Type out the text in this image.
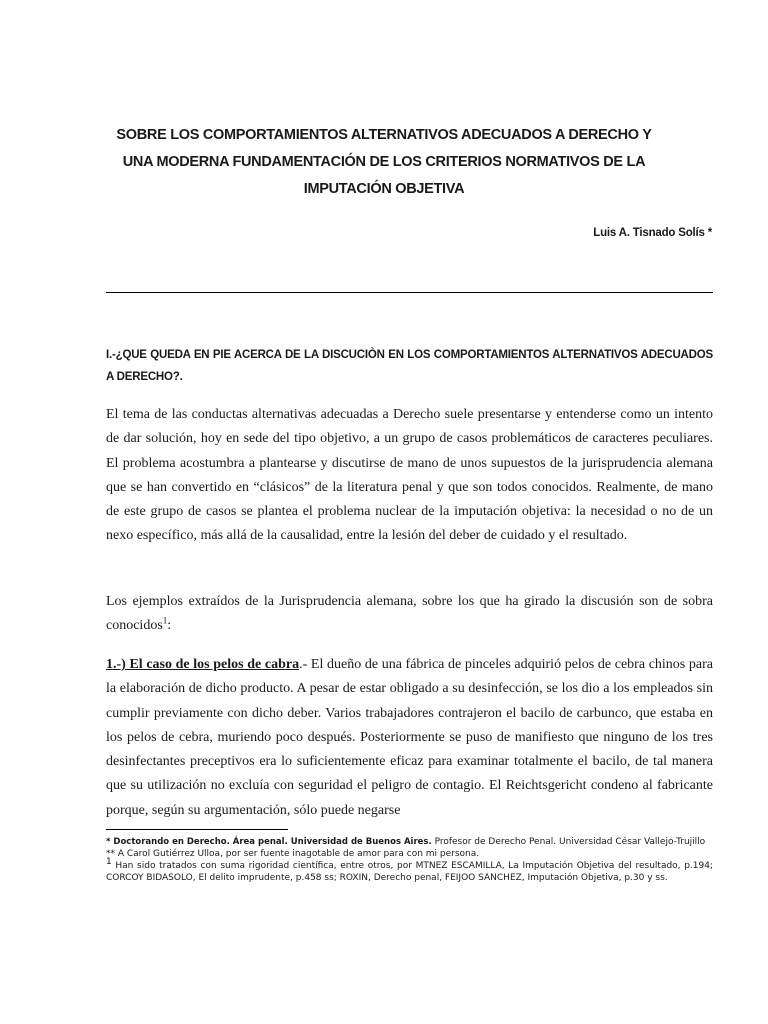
SOBRE LOS COMPORTAMIENTOS ALTERNATIVOS ADECUADOS A DERECHO Y UNA MODERNA FUNDAMENTACIÓN DE LOS CRITERIOS NORMATIVOS DE LA IMPUTACIÓN OBJETIVA
Luis A. Tisnado Solís *
I.-¿QUE QUEDA EN PIE ACERCA DE LA DISCUCIÒN EN LOS COMPORTAMIENTOS ALTERNATIVOS ADECUADOS A DERECHO?.
El tema de las conductas alternativas adecuadas a Derecho suele presentarse y entenderse como un intento de dar solución, hoy en sede del tipo objetivo, a un grupo de casos problemáticos de caracteres peculiares. El problema acostumbra a plantearse y discutirse de mano de unos supuestos de la jurisprudencia alemana que se han convertido en “clásicos” de la literatura penal y que son todos conocidos. Realmente, de mano de este grupo de casos se plantea el problema nuclear de la imputación objetiva: la necesidad o no de un nexo específico, más allá de la causalidad, entre la lesión del deber de cuidado y el resultado.
Los ejemplos extraídos de la Jurisprudencia alemana, sobre los que ha girado la discusión son de sobra conocidos$^1$:
1.-) El caso de los pelos de cabra.- El dueño de una fábrica de pinceles adquirió pelos de cebra chinos para la elaboración de dicho producto. A pesar de estar obligado a su desinfección, se los dio a los empleados sin cumplir previamente con dicho deber. Varios trabajadores contrajeron el bacilo de carbunco, que estaba en los pelos de cebra, muriendo poco después. Posteriormente se puso de manifiesto que ninguno de los tres desinfectantes preceptivos era lo suficientemente eficaz para examinar totalmente el bacilo, de tal manera que su utilización no excluía con seguridad el peligro de contagio. El Reichtsgericht condeno al fabricante porque, según su argumentación, sólo puede negarse

* Doctorando en Derecho. Área penal. Universidad de Buenos Aires. Profesor de Derecho Penal. Universidad César Vallejo-Trujillo

** A Carol Gutiérrez Ulloa, por ser fuente inagotable de amor para con mi persona.

$^1$ Han sido tratados con suma rigoridad científica, entre otros, por MTNEZ ESCAMILLA, La Imputación Objetiva del resultado, p.194; CORCOY BIDASOLO, El delito imprudente, p.458 ss; ROXIN, Derecho penal, FEIJOO SANCHEZ, Imputación Objetiva, p.30 y ss.
